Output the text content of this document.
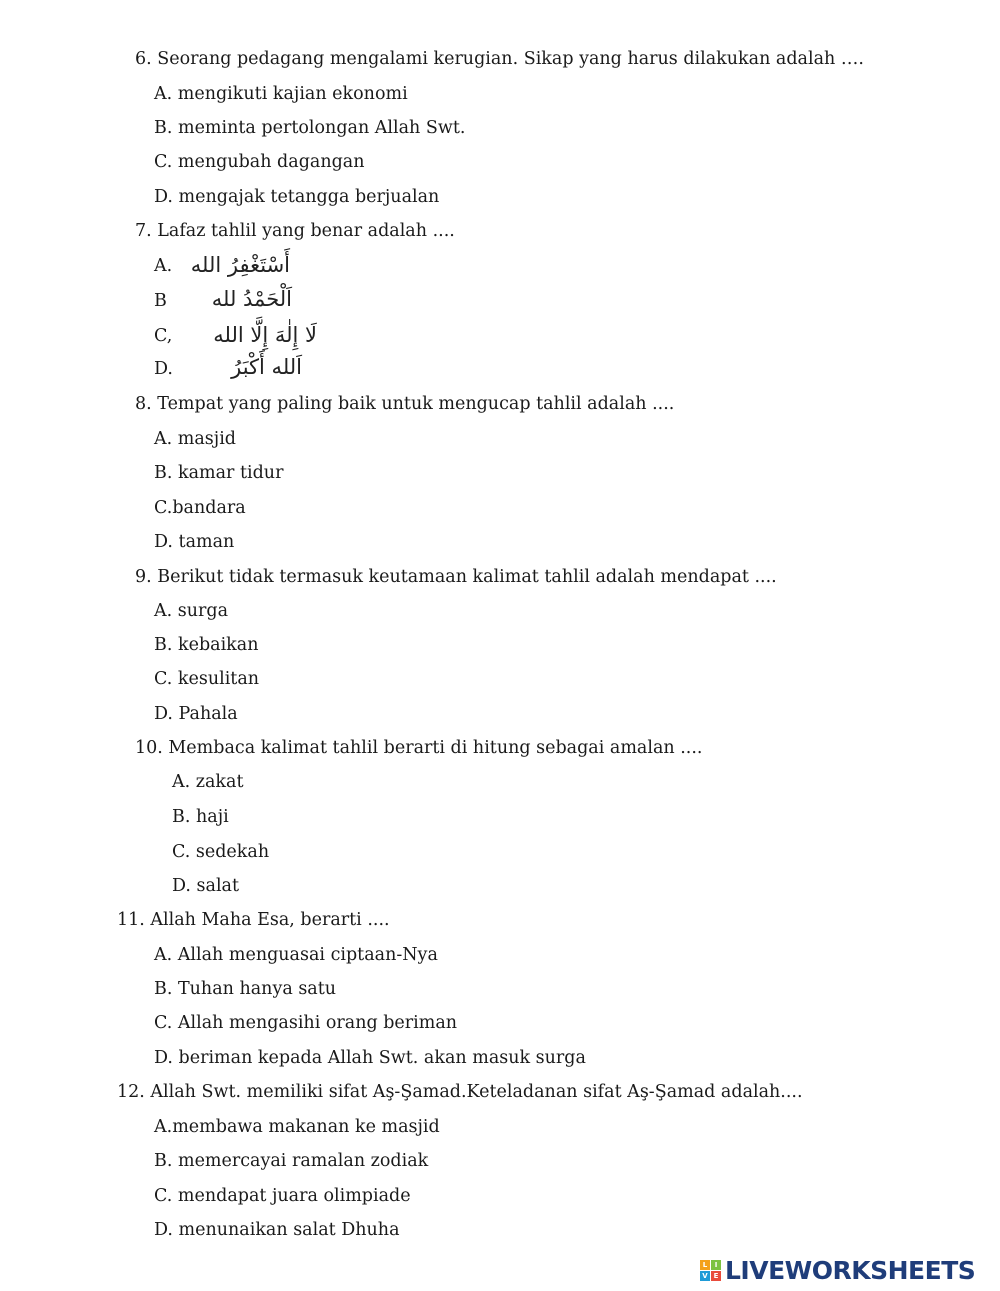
6. Seorang pedagang mengalami kerugian. Sikap yang harus dilakukan adalah ….
A. mengikuti kajian ekonomi
B. meminta pertolongan Allah Swt.
C. mengubah dagangan
D. mengajak tetangga berjualan
7. Lafaz tahlil yang benar adalah ....
A. أَسْتَغْفِرُ الله
B	اَلْحَمْدُ لله
C,	لَا إِلٰهَ إِلَّا الله
D.	اَلله أَكْبَرُ
8. Tempat yang paling baik untuk mengucap tahlil adalah ....
A. masjid
B. kamar tidur
C.bandara
D. taman
9. Berikut tidak termasuk keutamaan kalimat tahlil adalah mendapat ....
A. surga
B. kebaikan
C. kesulitan
D. Pahala
10. Membaca kalimat tahlil berarti di hitung sebagai amalan ....
A. zakat
B. haji
C. sedekah
D. salat
11. Allah Maha Esa, berarti ....
A. Allah menguasai ciptaan-Nya
B. Tuhan hanya satu
C. Allah mengasihi orang beriman
D. beriman kepada Allah Swt. akan masuk surga
12. Allah Swt. memiliki sifat Aş-Şamad.Keteladanan sifat Aş-Şamad adalah....
A.membawa makanan ke masjid
B. memercayai ramalan zodiak
C. mendapat juara olimpiade
D. menunaikan salat Dhuha
L	I
V E LIVEWORKSHEETS
